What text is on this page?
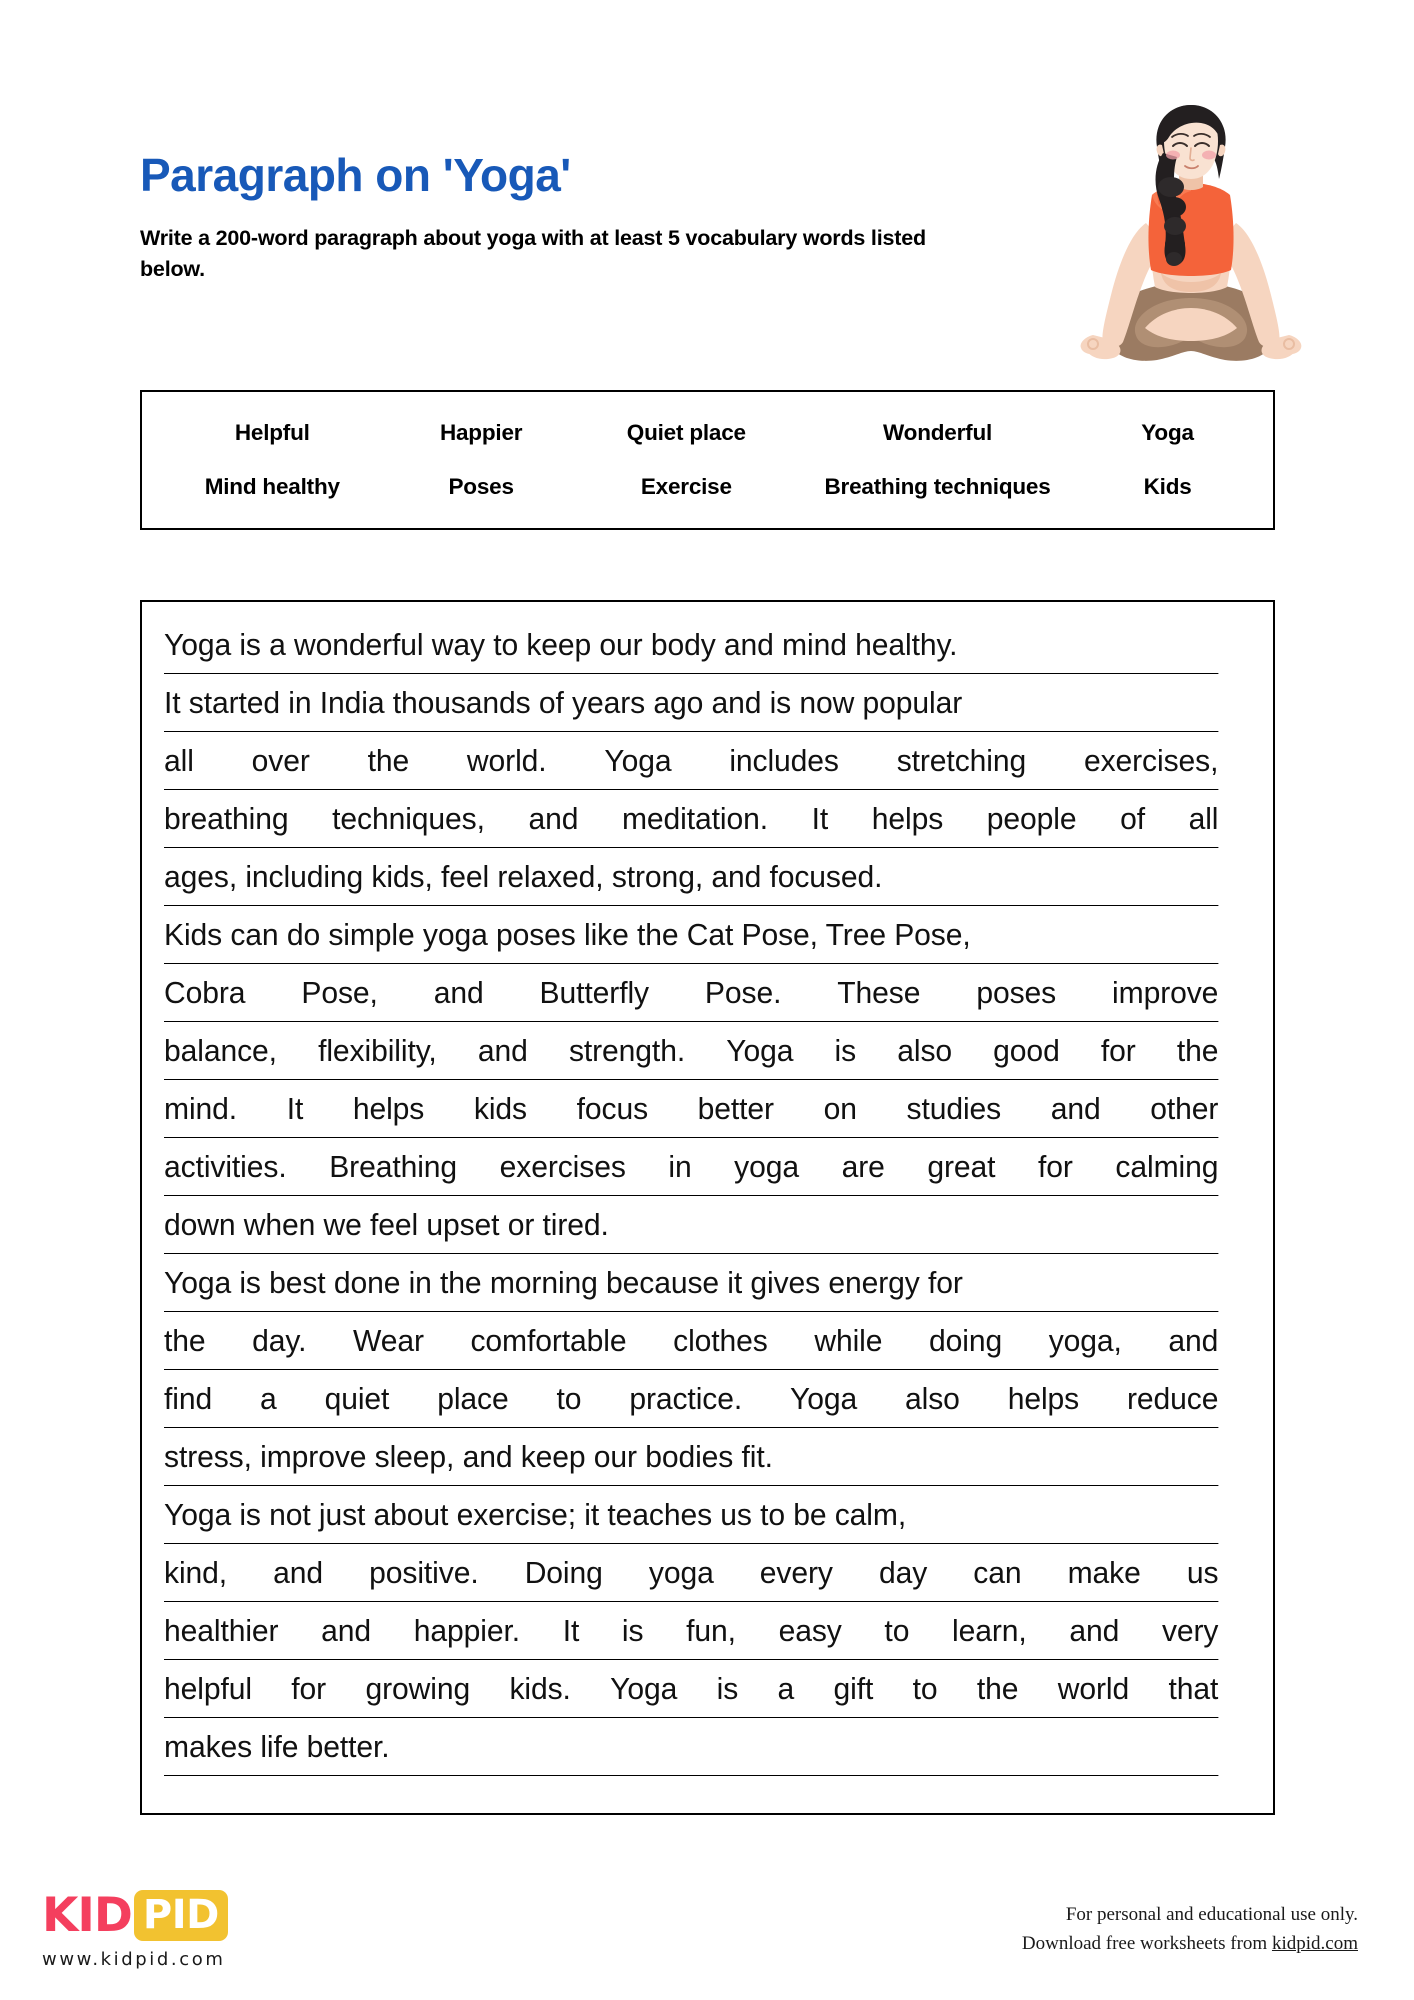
Paragraph on 'Yoga'
Write a 200-word paragraph about yoga with at least 5 vocabulary words listed below.
Helpful	Happier	Quiet place	Wonderful	Yoga
Mind healthy	Poses	Exercise	Breathing techniques	Kids
Yoga is a wonderful way to keep our body and mind healthy.
It started in India thousands of years ago and is now popular
all over the world. Yoga includes stretching exercises,
breathing techniques, and meditation. It helps people of all
ages, including kids, feel relaxed, strong, and focused.
Kids can do simple yoga poses like the Cat Pose, Tree Pose,
Cobra Pose, and Butterfly Pose. These poses improve
balance, flexibility, and strength. Yoga is also good for the
mind. It helps kids focus better on studies and other
activities. Breathing exercises in yoga are great for calming
down when we feel upset or tired.
Yoga is best done in the morning because it gives energy for
the day. Wear comfortable clothes while doing yoga, and
find a quiet place to practice. Yoga also helps reduce
stress, improve sleep, and keep our bodies fit.
Yoga is not just about exercise; it teaches us to be calm,
kind, and positive. Doing yoga every day can make us
healthier and happier. It is fun, easy to learn, and very
helpful for growing kids. Yoga is a gift to the world that
makes life better.
KID PID
www.kidpid.com
For personal and educational use only.
Download free worksheets from kidpid.com
